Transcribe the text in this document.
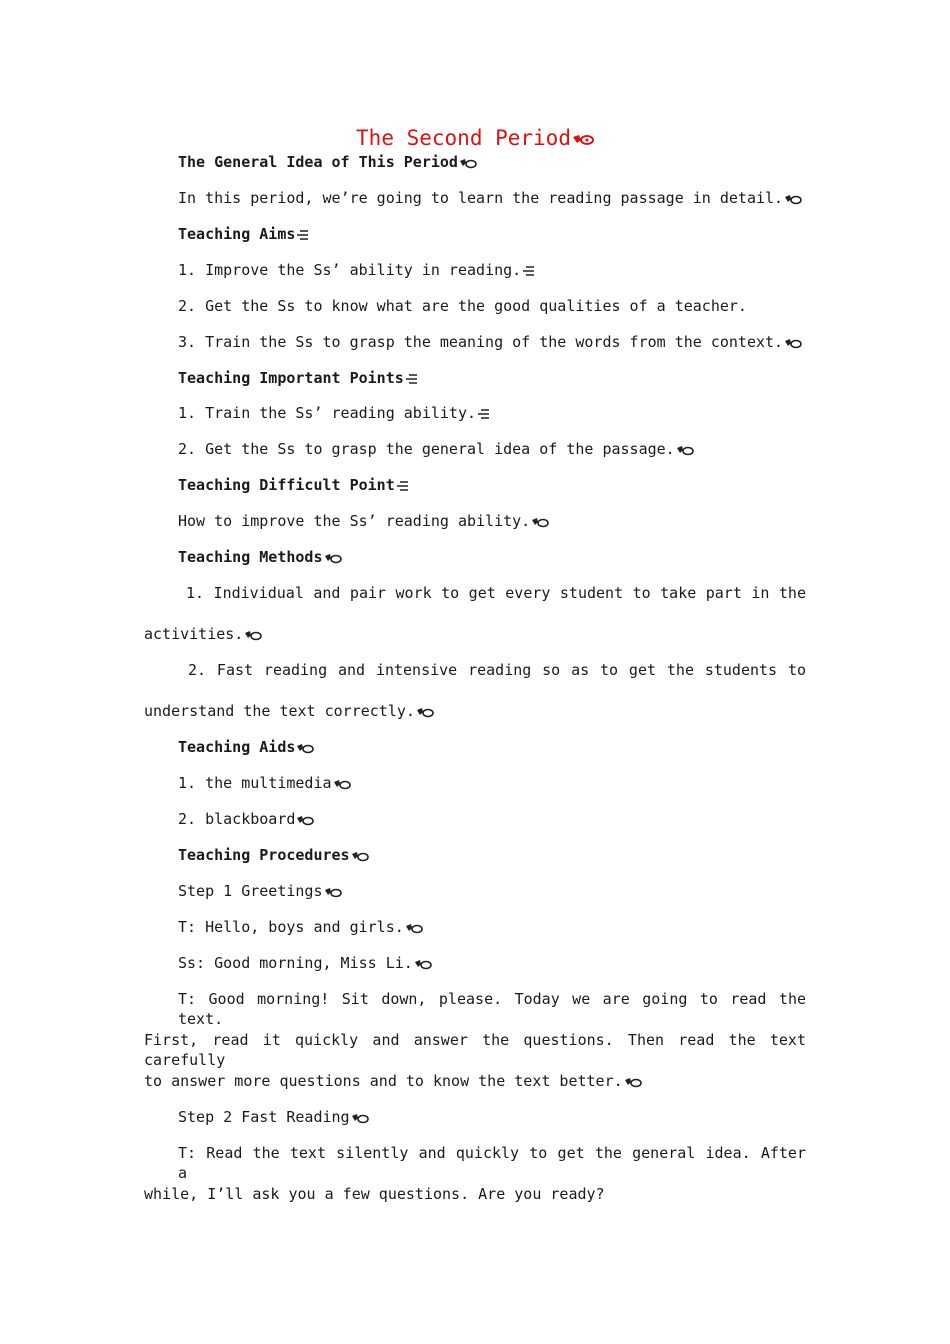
The Second Period
The General Idea of This Period
In this period, we’re going to learn the reading passage in detail.
Teaching Aims
1. Improve the Ss’ ability in reading.
2. Get the Ss to know what are the good qualities of a teacher.
3. Train the Ss to grasp the meaning of the words from the context.
Teaching Important Points
1. Train the Ss’ reading ability.
2. Get the Ss to grasp the general idea of the passage.
Teaching Difficult Point
How to improve the Ss’ reading ability.
Teaching Methods
1. Individual and pair work to get every student to take part in the
activities.
2. Fast reading and intensive reading so as to get the students to
understand the text correctly.
Teaching Aids
1. the multimedia
2. blackboard
Teaching Procedures
Step 1 Greetings
T: Hello, boys and girls.
Ss: Good morning, Miss Li.
T: Good morning! Sit down, please. Today we are going to read the text.
First, read it quickly and answer the questions. Then read the text carefully
to answer more questions and to know the text better.
Step 2 Fast Reading
T: Read the text silently and quickly to get the general idea. After a
while, I’ll ask you a few questions. Are you ready?
